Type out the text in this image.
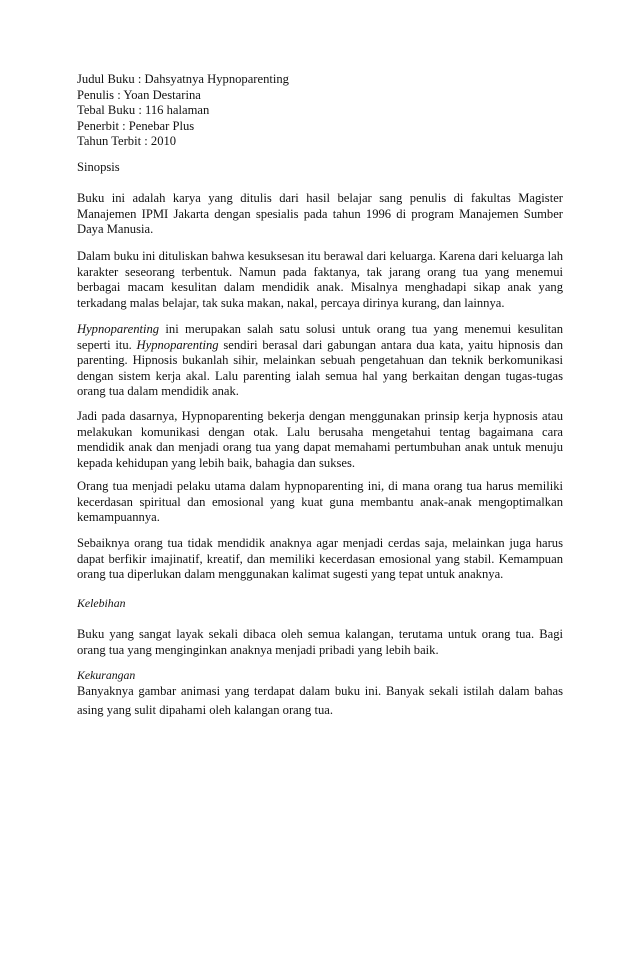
Judul Buku : Dahsyatnya Hypnoparenting
Penulis : Yoan Destarina
Tebal Buku : 116 halaman
Penerbit : Penebar Plus
Tahun Terbit : 2010
Sinopsis

Buku ini adalah karya yang ditulis dari hasil belajar sang penulis di fakultas Magister Manajemen IPMI Jakarta dengan spesialis pada tahun 1996 di program Manajemen Sumber Daya Manusia.

Dalam buku ini dituliskan bahwa kesuksesan itu berawal dari keluarga. Karena dari keluarga lah karakter seseorang terbentuk. Namun pada faktanya, tak jarang orang tua yang menemui berbagai macam kesulitan dalam mendidik anak. Misalnya menghadapi sikap anak yang terkadang malas belajar, tak suka makan, nakal, percaya dirinya kurang, dan lainnya.

Hypnoparenting ini merupakan salah satu solusi untuk orang tua yang menemui kesulitan seperti itu. Hypnoparenting sendiri berasal dari gabungan antara dua kata, yaitu hipnosis dan parenting. Hipnosis bukanlah sihir, melainkan sebuah pengetahuan dan teknik berkomunikasi dengan sistem kerja akal. Lalu parenting ialah semua hal yang berkaitan dengan tugas-tugas orang tua dalam mendidik anak.

Jadi pada dasarnya, Hypnoparenting bekerja dengan menggunakan prinsip kerja hypnosis atau melakukan komunikasi dengan otak. Lalu berusaha mengetahui tentag bagaimana cara mendidik anak dan menjadi orang tua yang dapat memahami pertumbuhan anak untuk menuju kepada kehidupan yang lebih baik, bahagia dan sukses.

Orang tua menjadi pelaku utama dalam hypnoparenting ini, di mana orang tua harus memiliki kecerdasan spiritual dan emosional yang kuat guna membantu anak-anak mengoptimalkan kemampuannya.

Sebaiknya orang tua tidak mendidik anaknya agar menjadi cerdas saja, melainkan juga harus dapat berfikir imajinatif, kreatif, dan memiliki kecerdasan emosional yang stabil. Kemampuan orang tua diperlukan dalam menggunakan kalimat sugesti yang tepat untuk anaknya.

Kelebihan

Buku yang sangat layak sekali dibaca oleh semua kalangan, terutama untuk orang tua. Bagi orang tua yang menginginkan anaknya menjadi pribadi yang lebih baik.

Kekurangan

Banyaknya gambar animasi yang terdapat dalam buku ini. Banyak sekali istilah dalam bahas asing yang sulit dipahami oleh kalangan orang tua.
